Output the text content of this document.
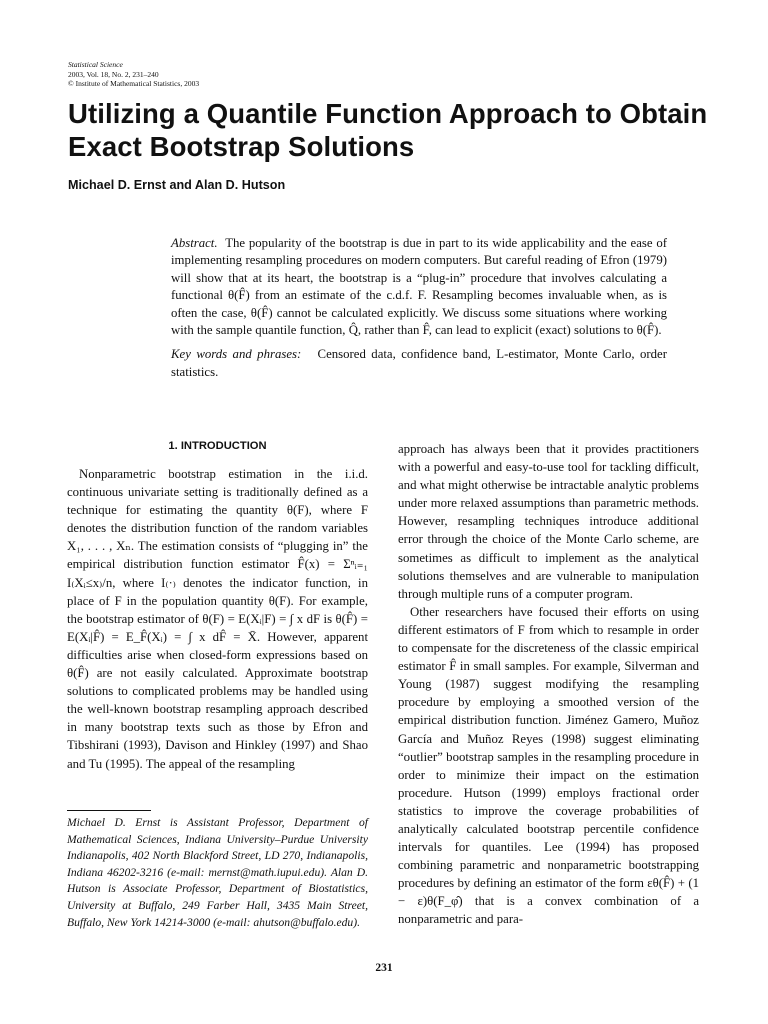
Statistical Science
2003, Vol. 18, No. 2, 231–240
© Institute of Mathematical Statistics, 2003
Utilizing a Quantile Function Approach to Obtain Exact Bootstrap Solutions
Michael D. Ernst and Alan D. Hutson

Abstract. The popularity of the bootstrap is due in part to its wide applicability and the ease of implementing resampling procedures on modern computers. But careful reading of Efron (1979) will show that at its heart, the bootstrap is a “plug-in” procedure that involves calculating a functional θ(F̂) from an estimate of the c.d.f. F. Resampling becomes invaluable when, as is often the case, θ(F̂) cannot be calculated explicitly. We discuss some situations where working with the sample quantile function, Q̂, rather than F̂, can lead to explicit (exact) solutions to θ(F̂).

Key words and phrases: Censored data, confidence band, L-estimator, Monte Carlo, order statistics.

1. INTRODUCTION

Nonparametric bootstrap estimation in the i.i.d. continuous univariate setting is traditionally defined as a technique for estimating the quantity θ(F), where F denotes the distribution function of the random variables X₁, . . . , Xₙ. The estimation consists of “plugging in” the empirical distribution function estimator F̂(x) = Σⁿᵢ₌₁ I₍Xᵢ≤x₎/n, where I₍·₎ denotes the indicator function, in place of F in the population quantity θ(F). For example, the bootstrap estimator of θ(F) = E(Xᵢ|F) = ∫ x dF is θ(F̂) = E(Xᵢ|F̂) = E_F̂(Xᵢ) = ∫ x dF̂ = X̄. However, apparent difficulties arise when closed-form expressions based on θ(F̂) are not easily calculated. Approximate bootstrap solutions to complicated problems may be handled using the well-known bootstrap resampling approach described in many bootstrap texts such as those by Efron and Tibshirani (1993), Davison and Hinkley (1997) and Shao and Tu (1995). The appeal of the resampling

approach has always been that it provides practitioners with a powerful and easy-to-use tool for tackling difficult, and what might otherwise be intractable analytic problems under more relaxed assumptions than parametric methods. However, resampling techniques introduce additional error through the choice of the Monte Carlo scheme, are sometimes as difficult to implement as the analytical solutions themselves and are vulnerable to manipulation through multiple runs of a computer program.

Other researchers have focused their efforts on using different estimators of F from which to resample in order to compensate for the discreteness of the classic empirical estimator F̂ in small samples. For example, Silverman and Young (1987) suggest modifying the resampling procedure by employing a smoothed version of the empirical distribution function. Jiménez Gamero, Muñoz García and Muñoz Reyes (1998) suggest eliminating “outlier” bootstrap samples in the resampling procedure in order to minimize their impact on the estimation procedure. Hutson (1999) employs fractional order statistics to improve the coverage probabilities of analytically calculated bootstrap percentile confidence intervals for quantiles. Lee (1994) has proposed combining parametric and nonparametric bootstrapping procedures by defining an estimator of the form εθ(F̂) + (1 − ε)θ(F_φ̂) that is a convex combination of a nonparametric and para-

Michael D. Ernst is Assistant Professor, Department of Mathematical Sciences, Indiana University–Purdue University Indianapolis, 402 North Blackford Street, LD 270, Indianapolis, Indiana 46202-3216 (e-mail: mernst@math.iupui.edu). Alan D. Hutson is Associate Professor, Department of Biostatistics, University at Buffalo, 249 Farber Hall, 3435 Main Street, Buffalo, New York 14214-3000 (e-mail: ahutson@buffalo.edu).

231
